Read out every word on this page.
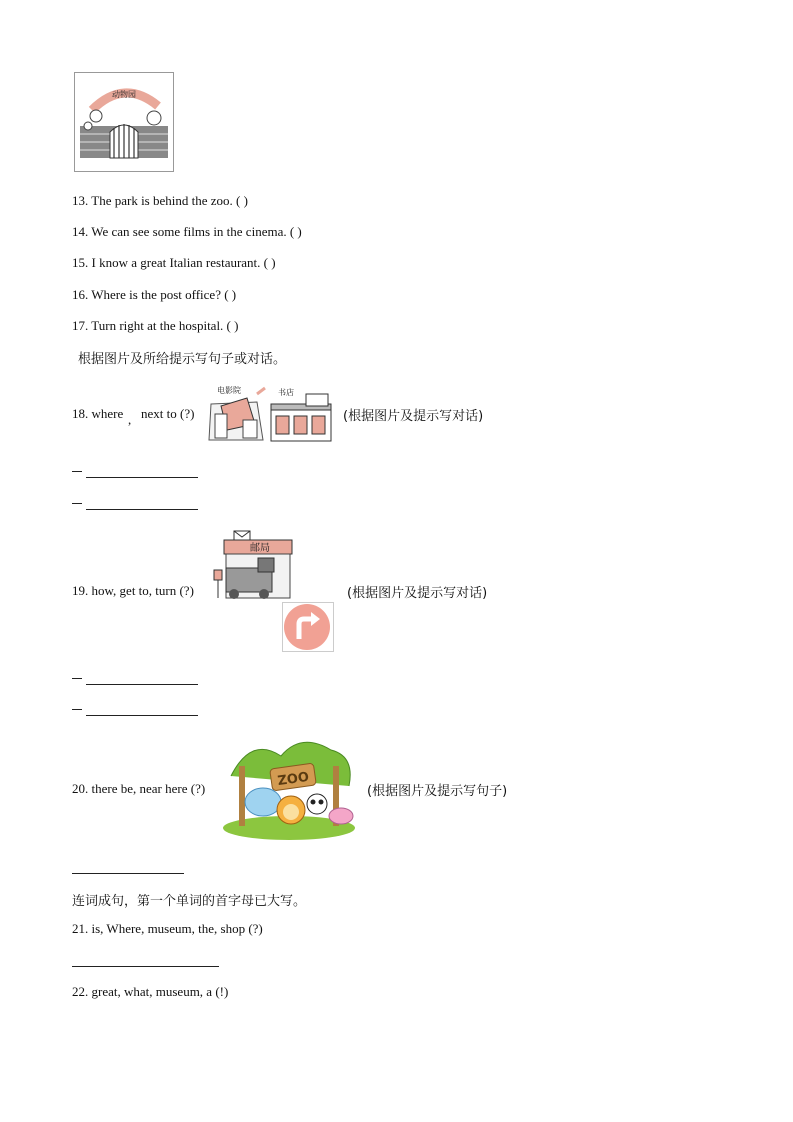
动物园
13. The park is behind the zoo. ( )
14. We can see some films in the cinema. ( )
15. I know a great Italian restaurant. ( )
16. Where is the post office? ( )
17. Turn right at the hospital. ( )
根据图片及所给提示写句子或对话。
18. where , next to (?)
电影院	书店
(根据图片及提示写对话)
邮局
19. how, get to, turn (?)	(根据图片及提示写对话)
20. there be, near here (?)	ZOO
(根据图片及提示写句子)
连词成句，第一个单词的首字母已大写。
21. is, Where, museum, the, shop (?)
22. great, what, museum, a (!)
